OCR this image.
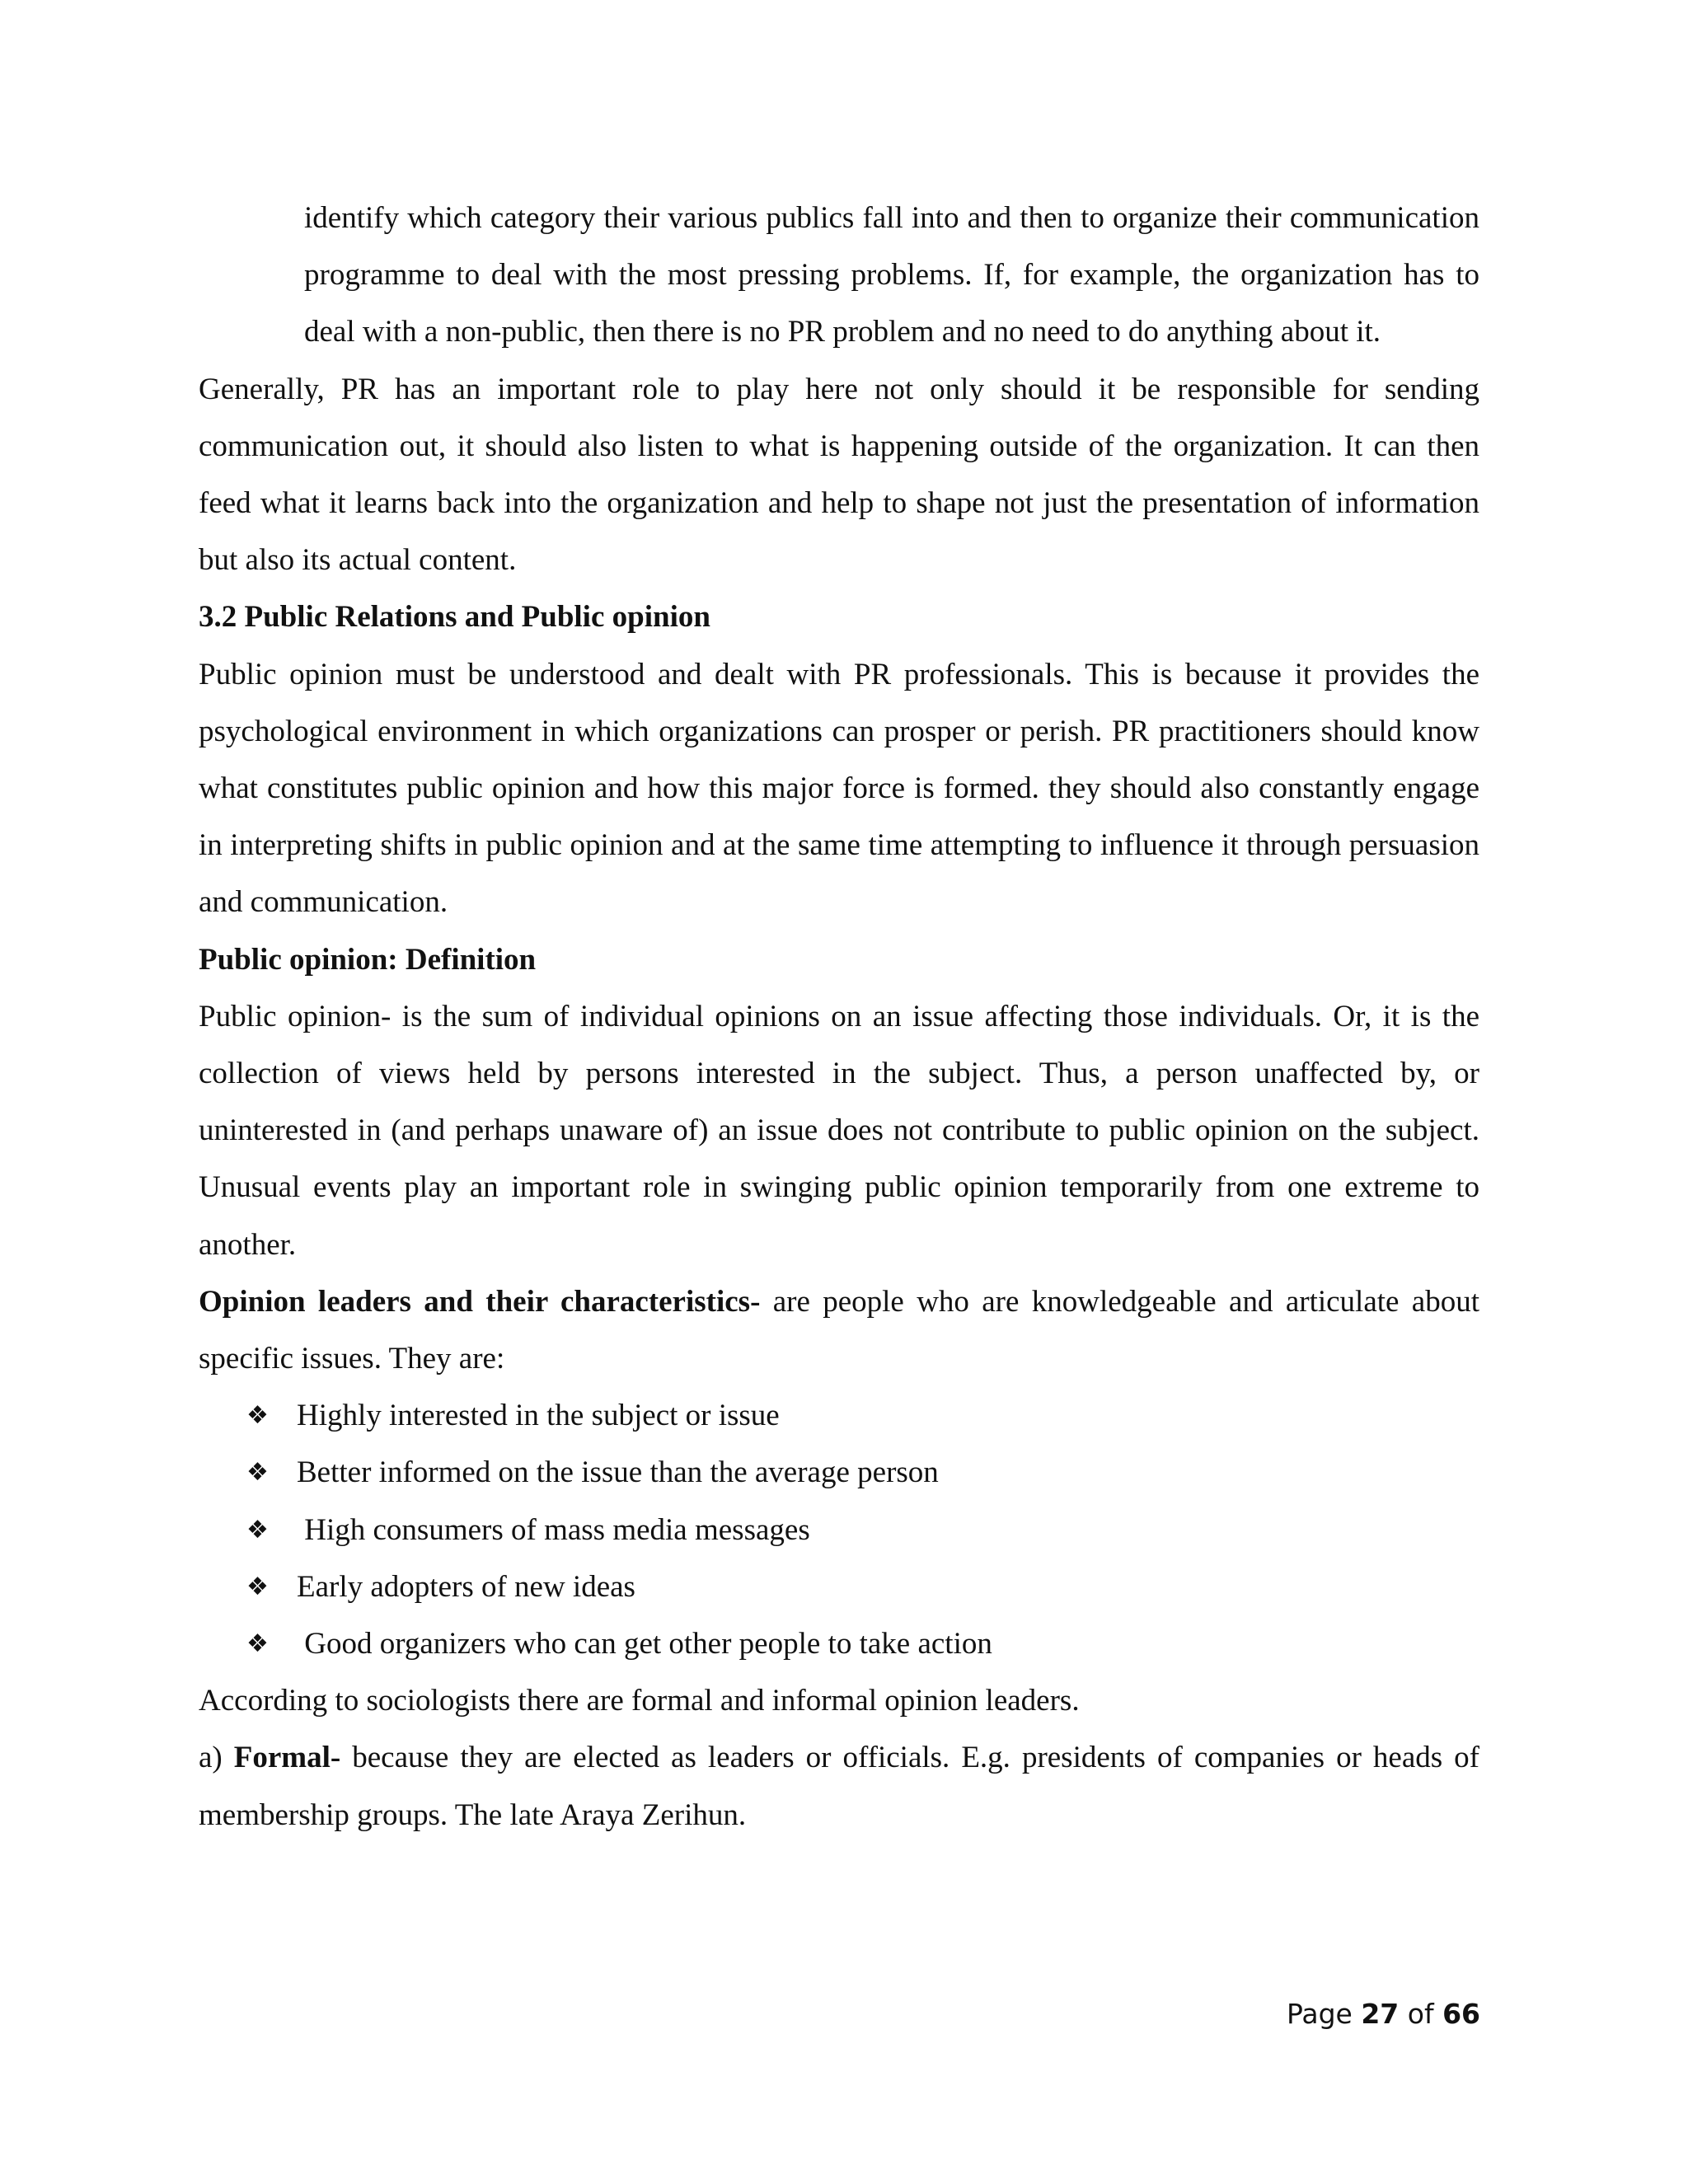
identify which category their various publics fall into and then to organize their communication programme to deal with the most pressing problems. If, for example, the organization has to deal with a non-public, then there is no PR problem and no need to do anything about it.

Generally, PR has an important role to play here not only should it be responsible for sending communication out, it should also listen to what is happening outside of the organization. It can then feed what it learns back into the organization and help to shape not just the presentation of information but also its actual content.

3.2 Public Relations and Public opinion

Public opinion must be understood and dealt with PR professionals. This is because it provides the psychological environment in which organizations can prosper or perish. PR practitioners should know what constitutes public opinion and how this major force is formed. they should also constantly engage in interpreting shifts in public opinion and at the same time attempting to influence it through persuasion and communication.

Public opinion: Definition

Public opinion- is the sum of individual opinions on an issue affecting those individuals. Or, it is the collection of views held by persons interested in the subject. Thus, a person unaffected by, or uninterested in (and perhaps unaware of) an issue does not contribute to public opinion on the subject. Unusual events play an important role in swinging public opinion temporarily from one extreme to another.

Opinion leaders and their characteristics- are people who are knowledgeable and articulate about specific issues. They are:

❖ Highly interested in the subject or issue
❖ Better informed on the issue than the average person
❖ High consumers of mass media messages
❖ Early adopters of new ideas
❖ Good organizers who can get other people to take action

According to sociologists there are formal and informal opinion leaders.

a) Formal- because they are elected as leaders or officials. E.g. presidents of companies or heads of membership groups. The late Araya Zerihun.

Page 27 of 66
